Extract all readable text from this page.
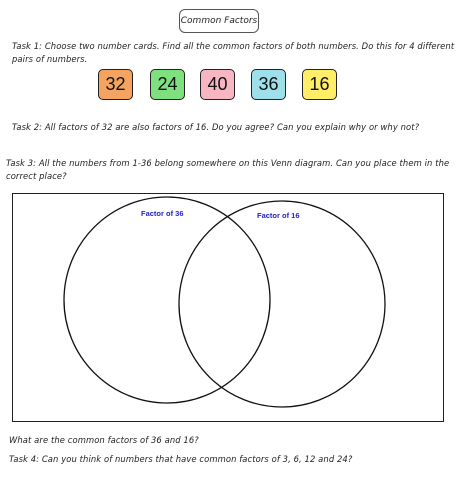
Common Factors
Task 1: Choose two number cards. Find all the common factors of both numbers. Do this for 4 different
pairs of numbers.
32	24	40	36	16
Task 2: All factors of 32 are also factors of 16. Do you agree? Can you explain why or why not?
Task 3: All the numbers from 1-36 belong somewhere on this Venn diagram. Can you place them in the
correct place?
Factor of 36	Factor of 16
What are the common factors of 36 and 16?
Task 4: Can you think of numbers that have common factors of 3, 6, 12 and 24?
